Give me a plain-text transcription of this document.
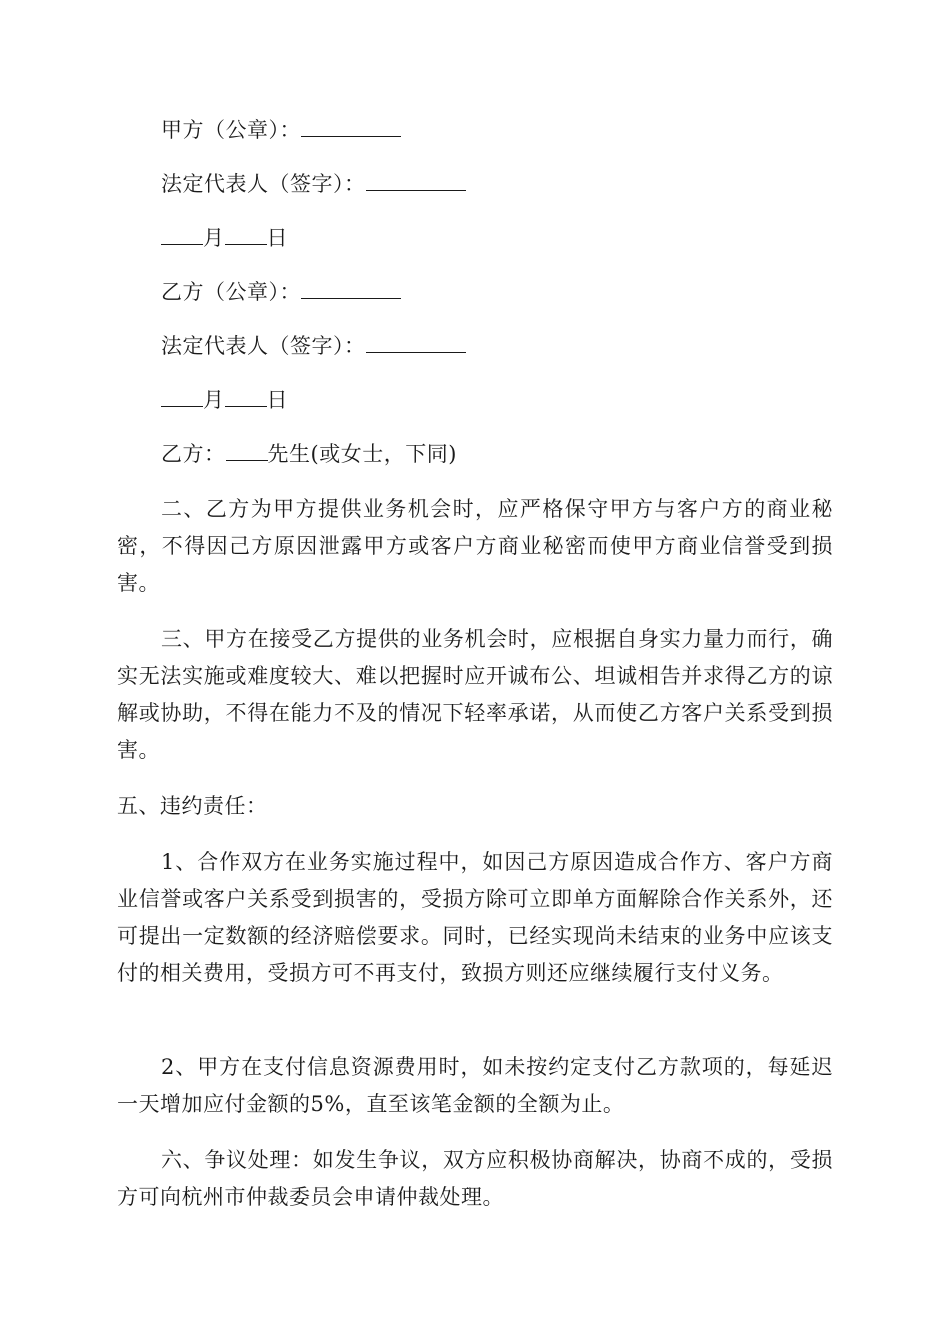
甲方（公章）：
法定代表人（签字）：
月 日
乙方（公章）：
法定代表人（签字）：
月 日
乙方： 先生(或女士，下同)
二、乙方为甲方提供业务机会时，应严格保守甲方与客户方的商业秘密，不得因己方原因泄露甲方或客户方商业秘密而使甲方商业信誉受到损害。
三、甲方在接受乙方提供的业务机会时，应根据自身实力量力而行，确实无法实施或难度较大、难以把握时应开诚布公、坦诚相告并求得乙方的谅解或协助，不得在能力不及的情况下轻率承诺，从而使乙方客户关系受到损害。
五、违约责任：
1、合作双方在业务实施过程中，如因己方原因造成合作方、客户方商业信誉或客户关系受到损害的，受损方除可立即单方面解除合作关系外，还可提出一定数额的经济赔偿要求。同时，已经实现尚未结束的业务中应该支付的相关费用，受损方可不再支付，致损方则还应继续履行支付义务。
2、甲方在支付信息资源费用时，如未按约定支付乙方款项的，每延迟一天增加应付金额的5%，直至该笔金额的全额为止。
六、争议处理：如发生争议，双方应积极协商解决，协商不成的，受损方可向杭州市仲裁委员会申请仲裁处理。
